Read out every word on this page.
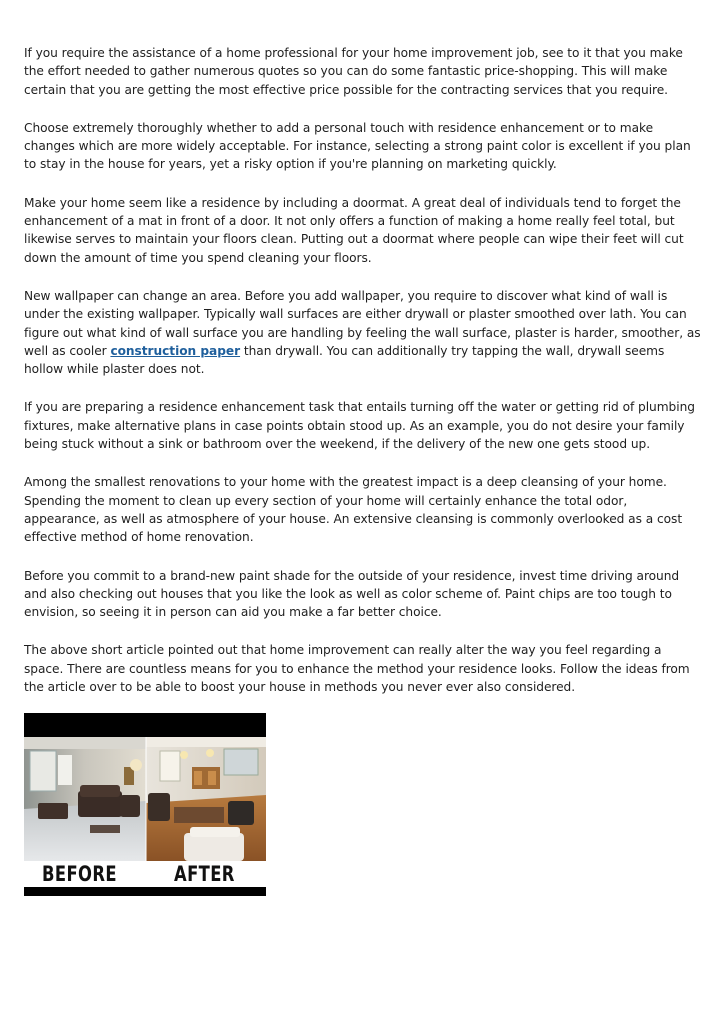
If you require the assistance of a home professional for your home improvement job, see to it that you make the effort needed to gather numerous quotes so you can do some fantastic price-shopping. This will make certain that you are getting the most effective price possible for the contracting services that you require.

Choose extremely thoroughly whether to add a personal touch with residence enhancement or to make changes which are more widely acceptable. For instance, selecting a strong paint color is excellent if you plan to stay in the house for years, yet a risky option if you're planning on marketing quickly.

Make your home seem like a residence by including a doormat. A great deal of individuals tend to forget the enhancement of a mat in front of a door. It not only offers a function of making a home really feel total, but likewise serves to maintain your floors clean. Putting out a doormat where people can wipe their feet will cut down the amount of time you spend cleaning your floors.

New wallpaper can change an area. Before you add wallpaper, you require to discover what kind of wall is under the existing wallpaper. Typically wall surfaces are either drywall or plaster smoothed over lath. You can figure out what kind of wall surface you are handling by feeling the wall surface, plaster is harder, smoother, as well as cooler construction paper than drywall. You can additionally try tapping the wall, drywall seems hollow while plaster does not.

If you are preparing a residence enhancement task that entails turning off the water or getting rid of plumbing fixtures, make alternative plans in case points obtain stood up. As an example, you do not desire your family being stuck without a sink or bathroom over the weekend, if the delivery of the new one gets stood up.

Among the smallest renovations to your home with the greatest impact is a deep cleansing of your home. Spending the moment to clean up every section of your home will certainly enhance the total odor, appearance, as well as atmosphere of your house. An extensive cleansing is commonly overlooked as a cost effective method of home renovation.

Before you commit to a brand-new paint shade for the outside of your residence, invest time driving around and also checking out houses that you like the look as well as color scheme of. Paint chips are too tough to envision, so seeing it in person can aid you make a far better choice.

The above short article pointed out that home improvement can really alter the way you feel regarding a space. There are countless means for you to enhance the method your residence looks. Follow the ideas from the article over to be able to boost your house in methods you never ever also considered.

BEFORE	AFTER
